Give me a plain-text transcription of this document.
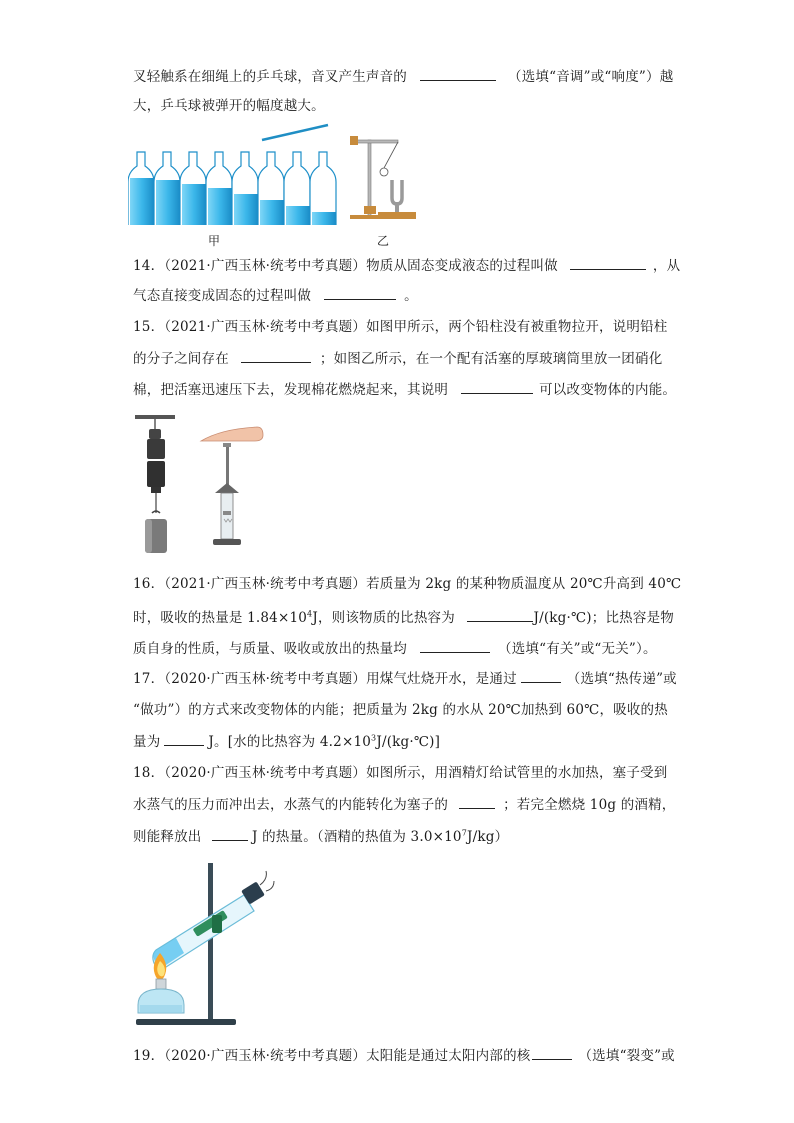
叉轻触系在细绳上的乒乓球，音叉产生声音的	（选填“音调”或“响度”）越
大，乒乓球被弹开的幅度越大。
甲	乙
14．（2021·广西玉林·统考中考真题）物质从固态变成液态的过程叫做	，从
气态直接变成固态的过程叫做	。
15．（2021·广西玉林·统考中考真题）如图甲所示，两个铅柱没有被重物拉开，说明铅柱
的分子之间存在	；如图乙所示，在一个配有活塞的厚玻璃筒里放一团硝化
棉，把活塞迅速压下去，发现棉花燃烧起来，其说明	可以改变物体的内能。
16．（2021·广西玉林·统考中考真题）若质量为 2kg 的某种物质温度从 20℃升高到 40℃
时，吸收的热量是 $1.84\times 10^4J$，则该物质的比热容为	J/(kg·℃)；比热容是物
质自身的性质，与质量、吸收或放出的热量均	（选填“有关”或“无关”）。
17．（2020·广西玉林·统考中考真题）用煤气灶烧开水，是通过	（选填“热传递”或
“做功”）的方式来改变物体的内能；把质量为 2kg 的水从 20℃加热到 60℃，吸收的热
量为	J。[水的比热容为 $4.2\times 10^3J/(kg\cdot℃)$]
18．（2020·广西玉林·统考中考真题）如图所示，用酒精灯给试管里的水加热，塞子受到
水蒸气的压力而冲出去，水蒸气的内能转化为塞子的	；若完全燃烧 10g 的酒精，
则能释放出	J 的热量。（酒精的热值为 $3.0\times 10^7J/kg$）
19．（2020·广西玉林·统考中考真题）太阳能是通过太阳内部的核	（选填“裂变”或
